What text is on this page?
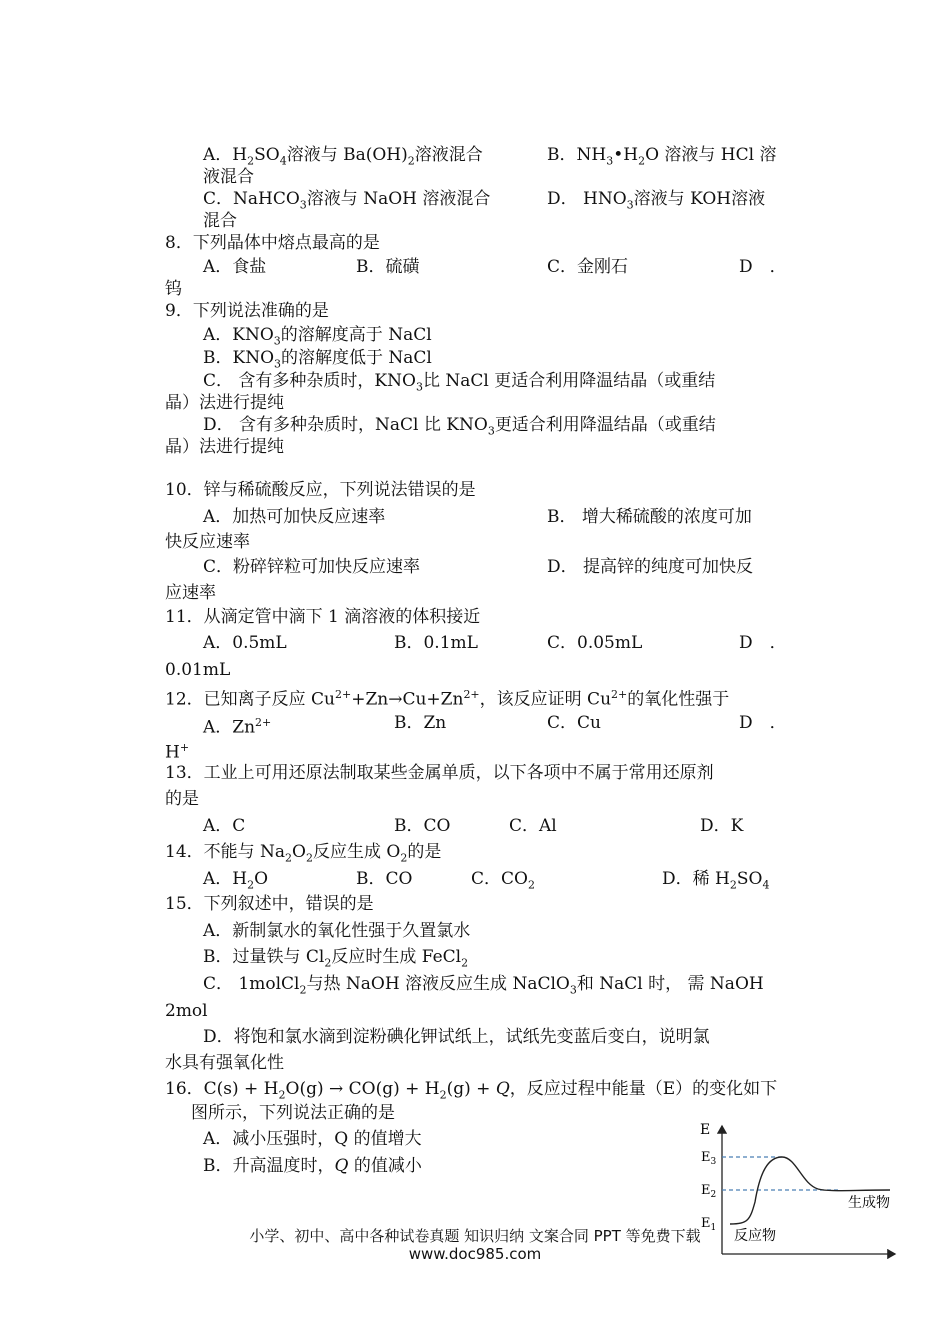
A．$H_2SO_4$溶液与 $Ba(OH)_2$溶液混合	B．$NH_3•H_2O$ 溶液与 HCl 溶
液混合
C．NaHCO$_3$溶液与 NaOH 溶液混合	D． $HNO_3$溶液与 KOH溶液
混合
8．下列晶体中熔点最高的是
A．食盐	B．硫磺	C．金刚石	D　．
钨
9．下列说法准确的是
A．$KNO_3$的溶解度高于 NaCl
B．$KNO_3$的溶解度低于 NaCl
C． 含有多种杂质时，$KNO_3$比 NaCl 更适合利用降温结晶（或重结
晶）法进行提纯
D． 含有多种杂质时，NaCl 比 $KNO_3$更适合利用降温结晶（或重结
晶）法进行提纯
10．锌与稀硫酸反应，下列说法错误的是
A．加热可加快反应速率	B． 增大稀硫酸的浓度可加
快反应速率
C．粉碎锌粒可加快反应速率	D． 提高锌的纯度可加快反
应速率
11．从滴定管中滴下 1 滴溶液的体积接近
A．0.5mL	B．0.1mL	C．0.05mL	D　．
0.01mL
12．已知离子反应 $Cu^{2+}+Zn\to Cu+Zn^{2+}$，该反应证明 $Cu^{2+}$的氧化性强于
A．$Zn^{2+}$	B．Zn	C．Cu	D　．
H+
13．工业上可用还原法制取某些金属单质，以下各项中不属于常用还原剂
的是
A．C	B．CO	C．Al	D．K
14．不能与 $Na_2O_2$反应生成 $O_2$的是
A．$H_2O$	B．CO	C．$CO_2$	D．稀 $H_2SO_4$
15．下列叙述中，错误的是
A．新制氯水的氧化性强于久置氯水
B．过量铁与 $Cl_2$反应时生成 FeCl$_2$
C． 1molCl$_2$与热 NaOH 溶液反应生成 NaClO$_3$和 NaCl 时， 需 NaOH
2mol
D．将饱和氯水滴到淀粉碘化钾试纸上，试纸先变蓝后变白，说明氯
水具有强氧化性
16．$C(s) + H_2O(g) \to CO(g) + H_2(g) + Q$，反应过程中能量（E）的变化如下
图所示，下列说法正确的是
A．减小压强时，Q 的值增大
B．升高温度时，Q 的值减小
E
$E_3$
$E_2$
$E_1$
生成物
反应物
小学、初中、高中各种试卷真题 知识归纳 文案合同 PPT 等免费下载
www.doc985.com
